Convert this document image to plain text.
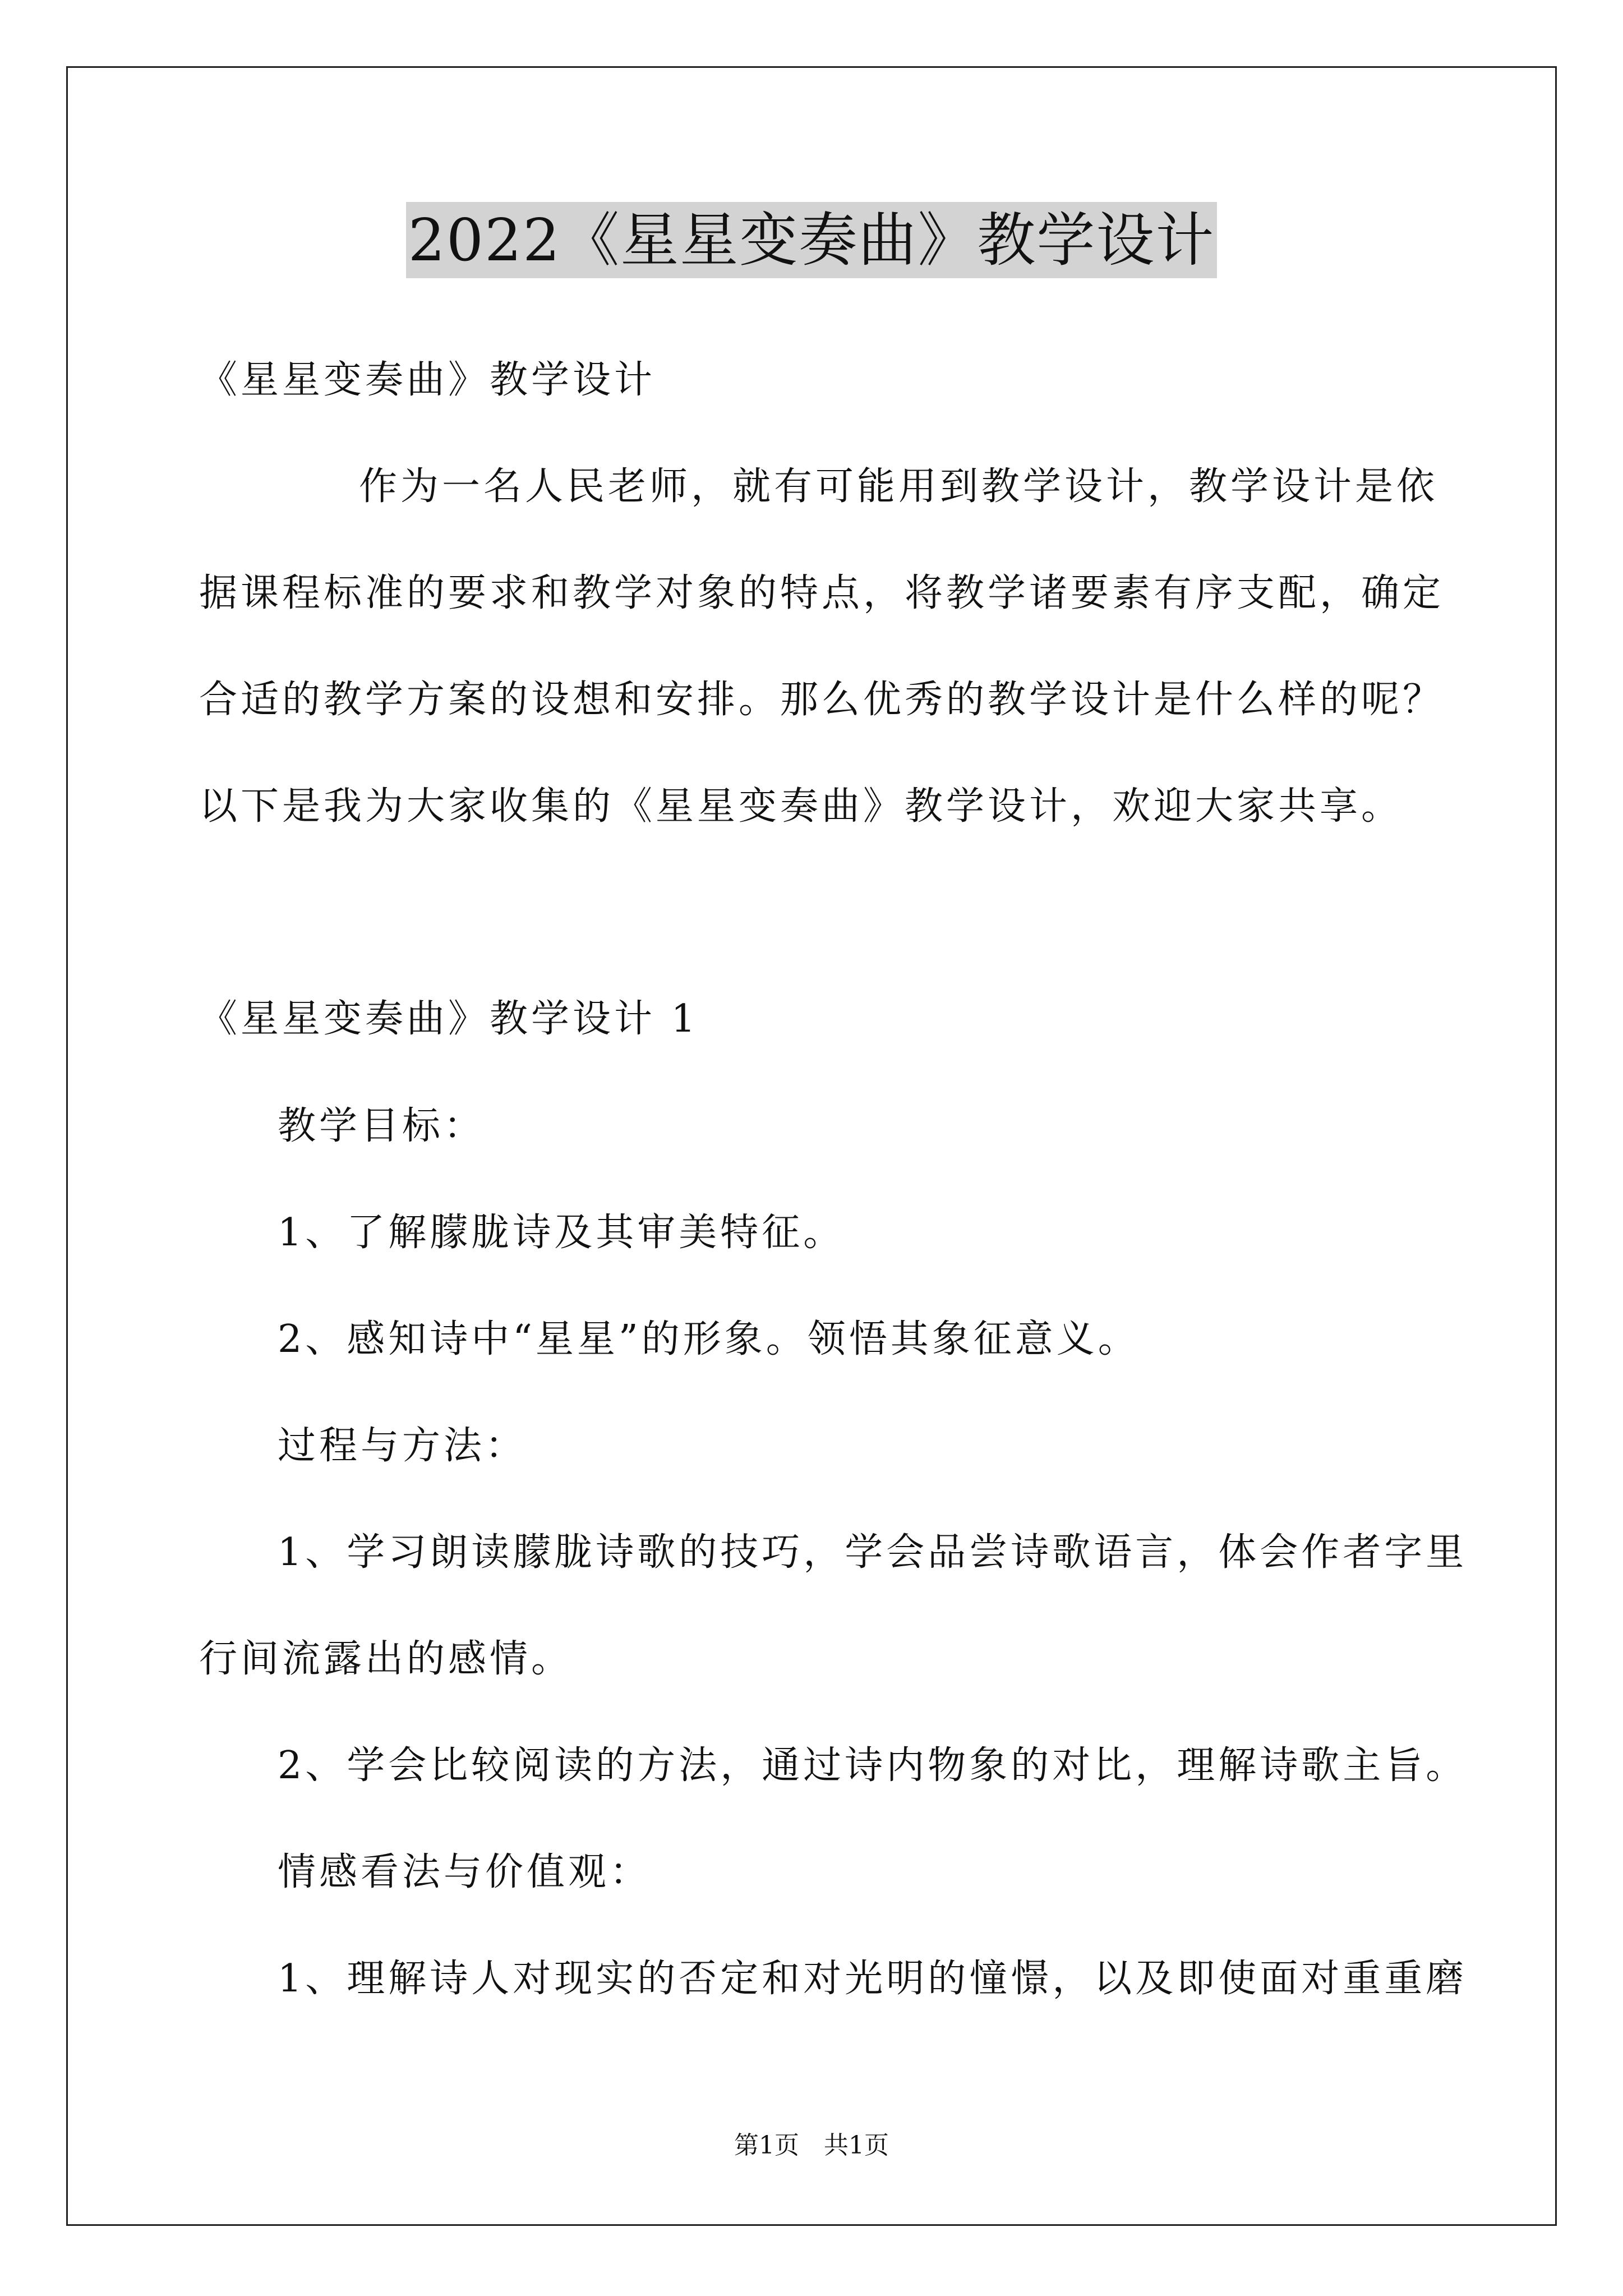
2022《星星变奏曲》教学设计
《星星变奏曲》教学设计
作为一名人民老师，就有可能用到教学设计，教学设计是依
据课程标准的要求和教学对象的特点，将教学诸要素有序支配，确定
合适的教学方案的设想和安排。那么优秀的教学设计是什么样的呢？
以下是我为大家收集的《星星变奏曲》教学设计，欢迎大家共享。
《星星变奏曲》教学设计 1
教学目标：
1、了解朦胧诗及其审美特征。
2、感知诗中“星星”的形象。领悟其象征意义。
过程与方法：
1、学习朗读朦胧诗歌的技巧，学会品尝诗歌语言，体会作者字里
行间流露出的感情。
2、学会比较阅读的方法，通过诗内物象的对比，理解诗歌主旨。
情感看法与价值观：
1、理解诗人对现实的否定和对光明的憧憬，以及即使面对重重磨
第1页　共1页
